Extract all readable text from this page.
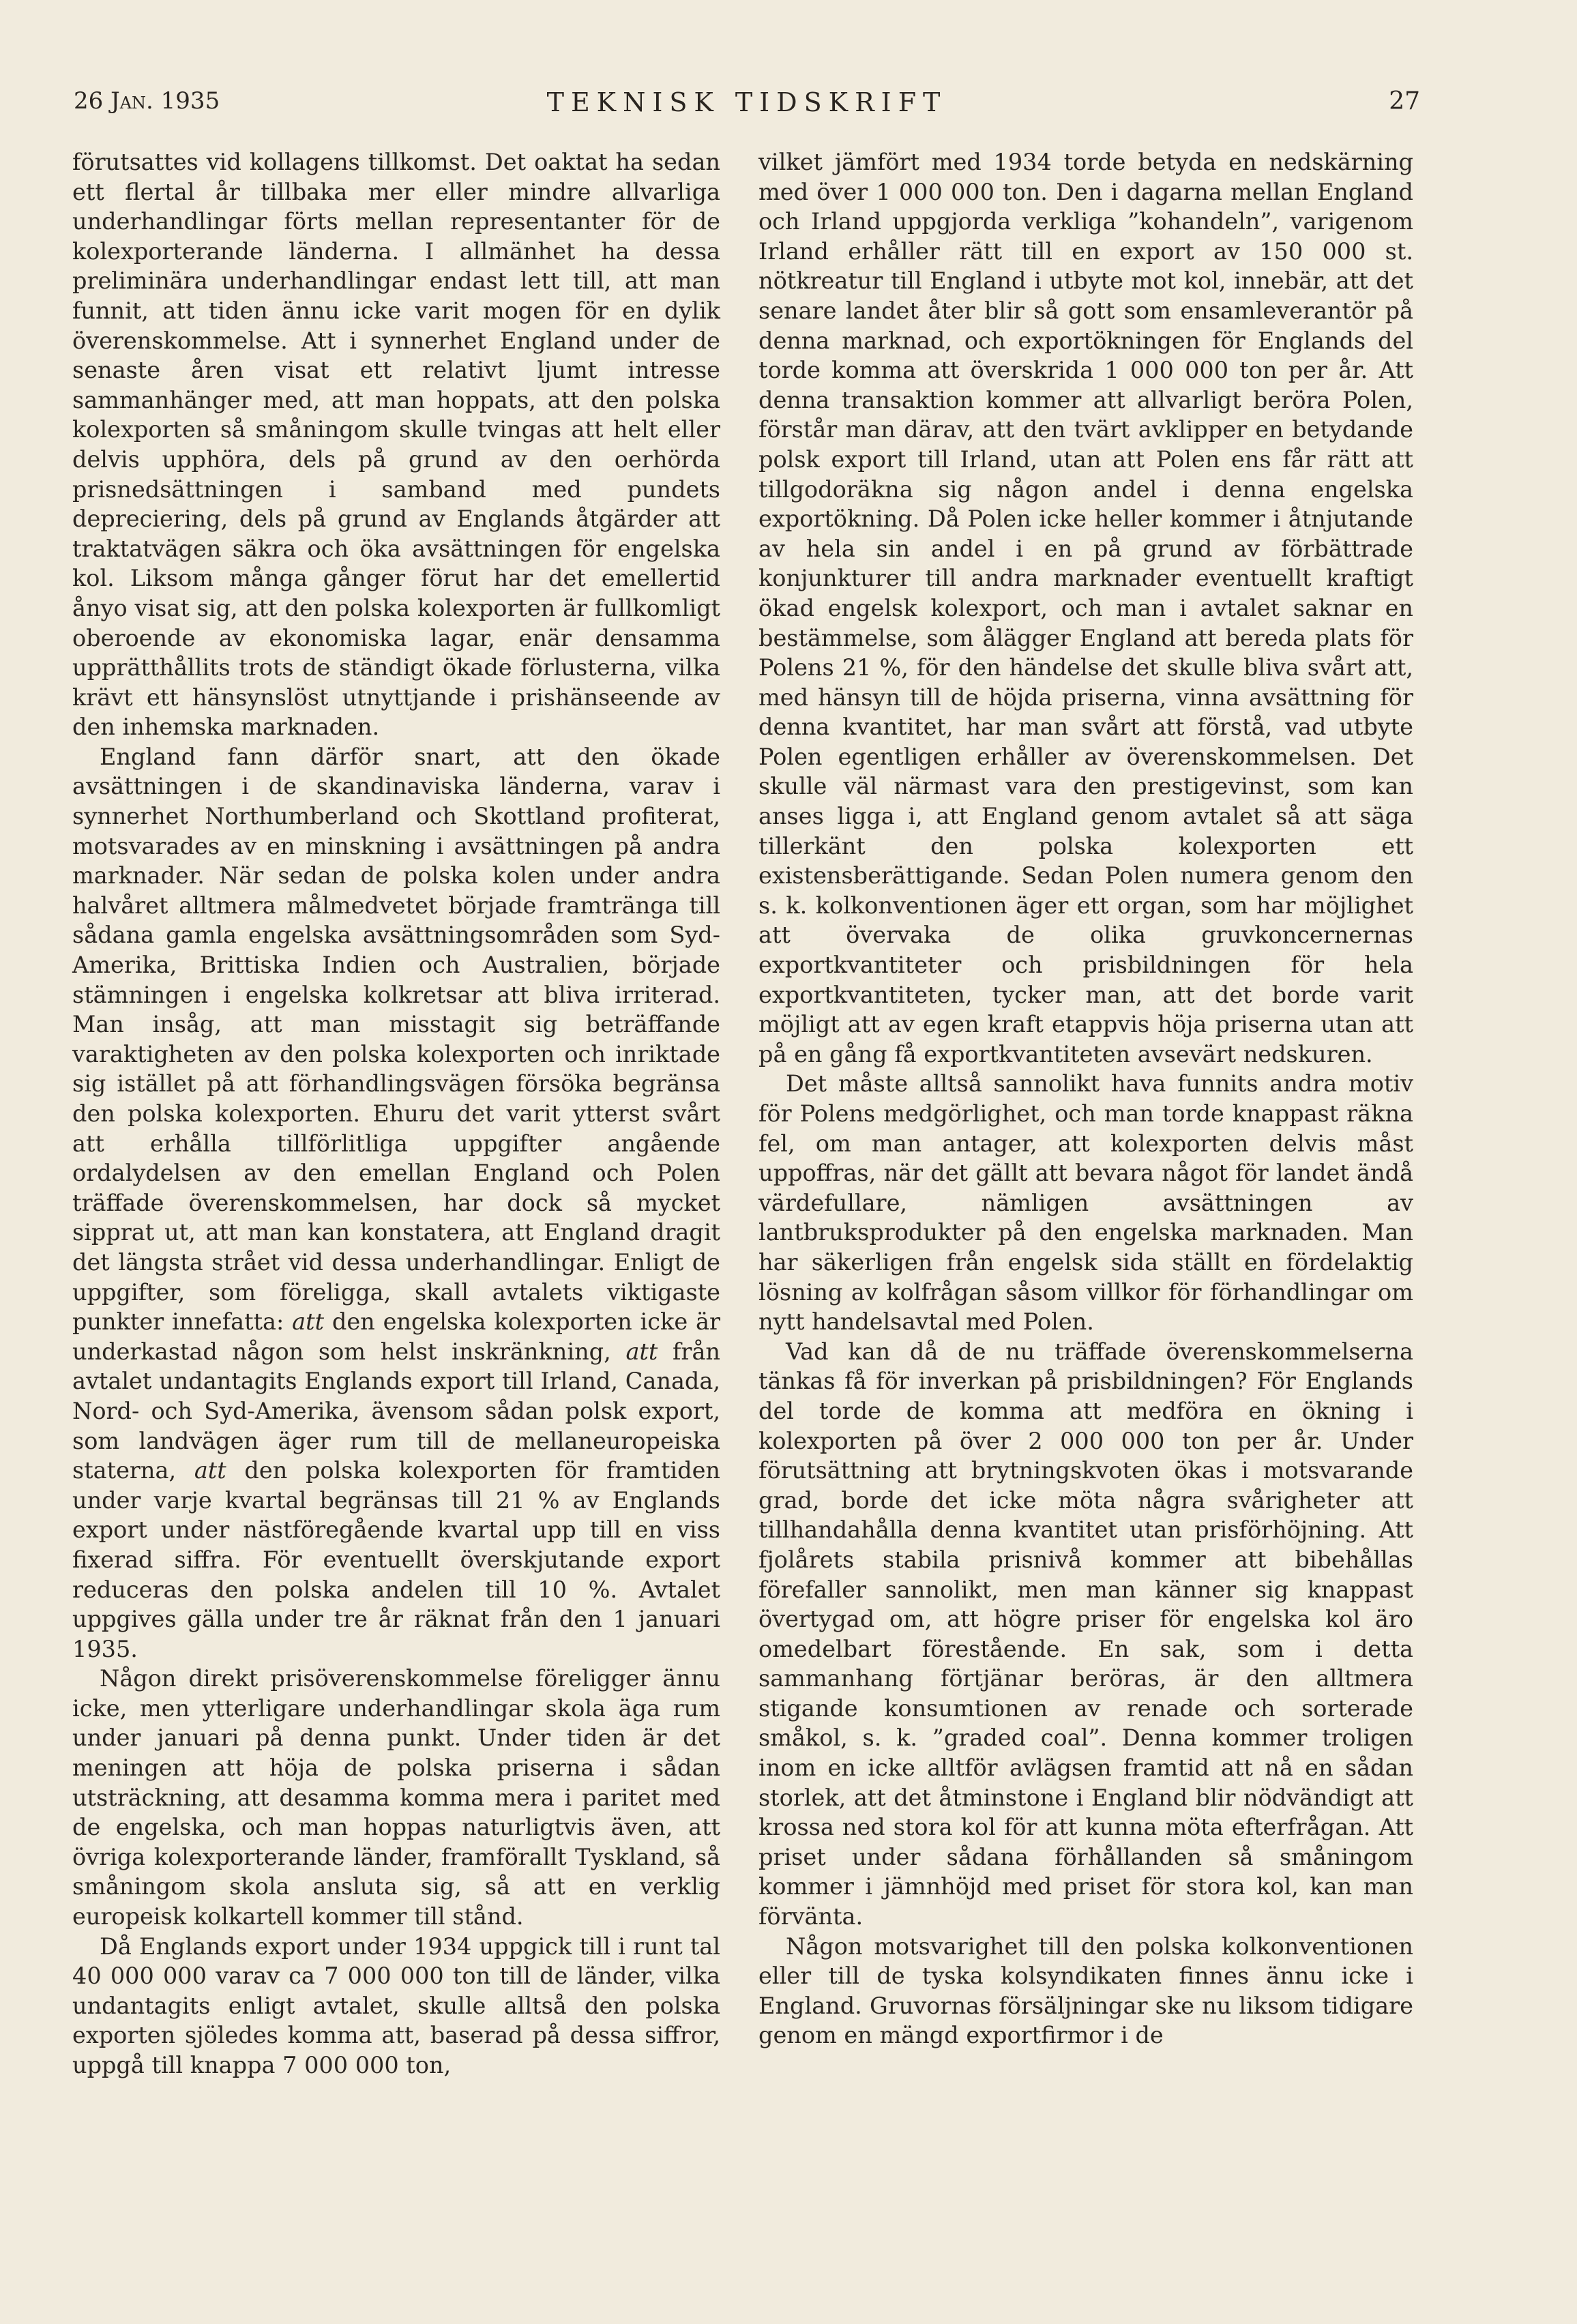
26 Jan. 1935	TEKNISK TIDSKRIFT	27

förutsattes vid kollagens tillkomst. Det oaktat ha sedan ett flertal år tillbaka mer eller mindre allvarliga underhandlingar förts mellan representanter för de kolexporterande länderna. I allmänhet ha dessa preliminära underhandlingar endast lett till, att man funnit, att tiden ännu icke varit mogen för en dylik överenskommelse. Att i synnerhet England under de senaste åren visat ett relativt ljumt intresse sammanhänger med, att man hoppats, att den polska kolexporten så småningom skulle tvingas att helt eller delvis upphöra, dels på grund av den oerhörda prisnedsättningen i samband med pundets depreciering, dels på grund av Englands åtgärder att traktatvägen säkra och öka avsättningen för engelska kol. Liksom många gånger förut har det emellertid ånyo visat sig, att den polska kolexporten är fullkomligt oberoende av ekonomiska lagar, enär densamma upprätthållits trots de ständigt ökade förlusterna, vilka krävt ett hänsynslöst utnyttjande i prishänseende av den inhemska marknaden.

England fann därför snart, att den ökade avsättningen i de skandinaviska länderna, varav i synnerhet Northumberland och Skottland profiterat, motsvarades av en minskning i avsättningen på andra marknader. När sedan de polska kolen under andra halvåret alltmera målmedvetet började framtränga till sådana gamla engelska avsättningsområden som Syd-Amerika, Brittiska Indien och Australien, började stämningen i engelska kolkretsar att bliva irriterad. Man insåg, att man misstagit sig beträffande varaktigheten av den polska kolexporten och inriktade sig istället på att förhandlingsvägen försöka begränsa den polska kolexporten. Ehuru det varit ytterst svårt att erhålla tillförlitliga uppgifter angående ordalydelsen av den emellan England och Polen träffade överenskommelsen, har dock så mycket sipprat ut, att man kan konstatera, att England dragit det längsta strået vid dessa underhandlingar. Enligt de uppgifter, som föreligga, skall avtalets viktigaste punkter innefatta: att den engelska kolexporten icke är underkastad någon som helst inskränkning, att från avtalet undantagits Englands export till Irland, Canada, Nord- och Syd-Amerika, ävensom sådan polsk export, som landvägen äger rum till de mellaneuropeiska staterna, att den polska kolexporten för framtiden under varje kvartal begränsas till 21 % av Englands export under nästföregående kvartal upp till en viss fixerad siffra. För eventuellt överskjutande export reduceras den polska andelen till 10 %. Avtalet uppgives gälla under tre år räknat från den 1 januari 1935.

Någon direkt prisöverenskommelse föreligger ännu icke, men ytterligare underhandlingar skola äga rum under januari på denna punkt. Under tiden är det meningen att höja de polska priserna i sådan utsträckning, att desamma komma mera i paritet med de engelska, och man hoppas naturligtvis även, att övriga kolexporterande länder, framförallt Tyskland, så småningom skola ansluta sig, så att en verklig europeisk kolkartell kommer till stånd.

Då Englands export under 1934 uppgick till i runt tal 40 000 000 varav ca 7 000 000 ton till de länder, vilka undantagits enligt avtalet, skulle alltså den polska exporten sjöledes komma att, baserad på dessa siffror, uppgå till knappa 7 000 000 ton,

vilket jämfört med 1934 torde betyda en nedskärning med över 1 000 000 ton. Den i dagarna mellan England och Irland uppgjorda verkliga ”kohandeln”, varigenom Irland erhåller rätt till en export av 150 000 st. nötkreatur till England i utbyte mot kol, innebär, att det senare landet åter blir så gott som ensamleverantör på denna marknad, och exportökningen för Englands del torde komma att överskrida 1 000 000 ton per år. Att denna transaktion kommer att allvarligt beröra Polen, förstår man därav, att den tvärt avklipper en betydande polsk export till Irland, utan att Polen ens får rätt att tillgodoräkna sig någon andel i denna engelska exportökning. Då Polen icke heller kommer i åtnjutande av hela sin andel i en på grund av förbättrade konjunkturer till andra marknader eventuellt kraftigt ökad engelsk kolexport, och man i avtalet saknar en bestämmelse, som ålägger England att bereda plats för Polens 21 %, för den händelse det skulle bliva svårt att, med hänsyn till de höjda priserna, vinna avsättning för denna kvantitet, har man svårt att förstå, vad utbyte Polen egentligen erhåller av överenskommelsen. Det skulle väl närmast vara den prestigevinst, som kan anses ligga i, att England genom avtalet så att säga tillerkänt den polska kolexporten ett existensberättigande. Sedan Polen numera genom den s. k. kolkonventionen äger ett organ, som har möjlighet att övervaka de olika gruvkoncernernas exportkvantiteter och prisbildningen för hela exportkvantiteten, tycker man, att det borde varit möjligt att av egen kraft etappvis höja priserna utan att på en gång få exportkvantiteten avsevärt nedskuren.

Det måste alltså sannolikt hava funnits andra motiv för Polens medgörlighet, och man torde knappast räkna fel, om man antager, att kolexporten delvis måst uppoffras, när det gällt att bevara något för landet ändå värdefullare, nämligen avsättningen av lantbruksprodukter på den engelska marknaden. Man har säkerligen från engelsk sida ställt en fördelaktig lösning av kolfrågan såsom villkor för förhandlingar om nytt handelsavtal med Polen.

Vad kan då de nu träffade överenskommelserna tänkas få för inverkan på prisbildningen? För Englands del torde de komma att medföra en ökning i kolexporten på över 2 000 000 ton per år. Under förutsättning att brytningskvoten ökas i motsvarande grad, borde det icke möta några svårigheter att tillhandahålla denna kvantitet utan prisförhöjning. Att fjolårets stabila prisnivå kommer att bibehållas förefaller sannolikt, men man känner sig knappast övertygad om, att högre priser för engelska kol äro omedelbart förestående. En sak, som i detta sammanhang förtjänar beröras, är den alltmera stigande konsumtionen av renade och sorterade småkol, s. k. ”graded coal”. Denna kommer troligen inom en icke alltför avlägsen framtid att nå en sådan storlek, att det åtminstone i England blir nödvändigt att krossa ned stora kol för att kunna möta efterfrågan. Att priset under sådana förhållanden så småningom kommer i jämnhöjd med priset för stora kol, kan man förvänta.

Någon motsvarighet till den polska kolkonventionen eller till de tyska kolsyndikaten finnes ännu icke i England. Gruvornas försäljningar ske nu liksom tidigare genom en mängd exportfirmor i de
